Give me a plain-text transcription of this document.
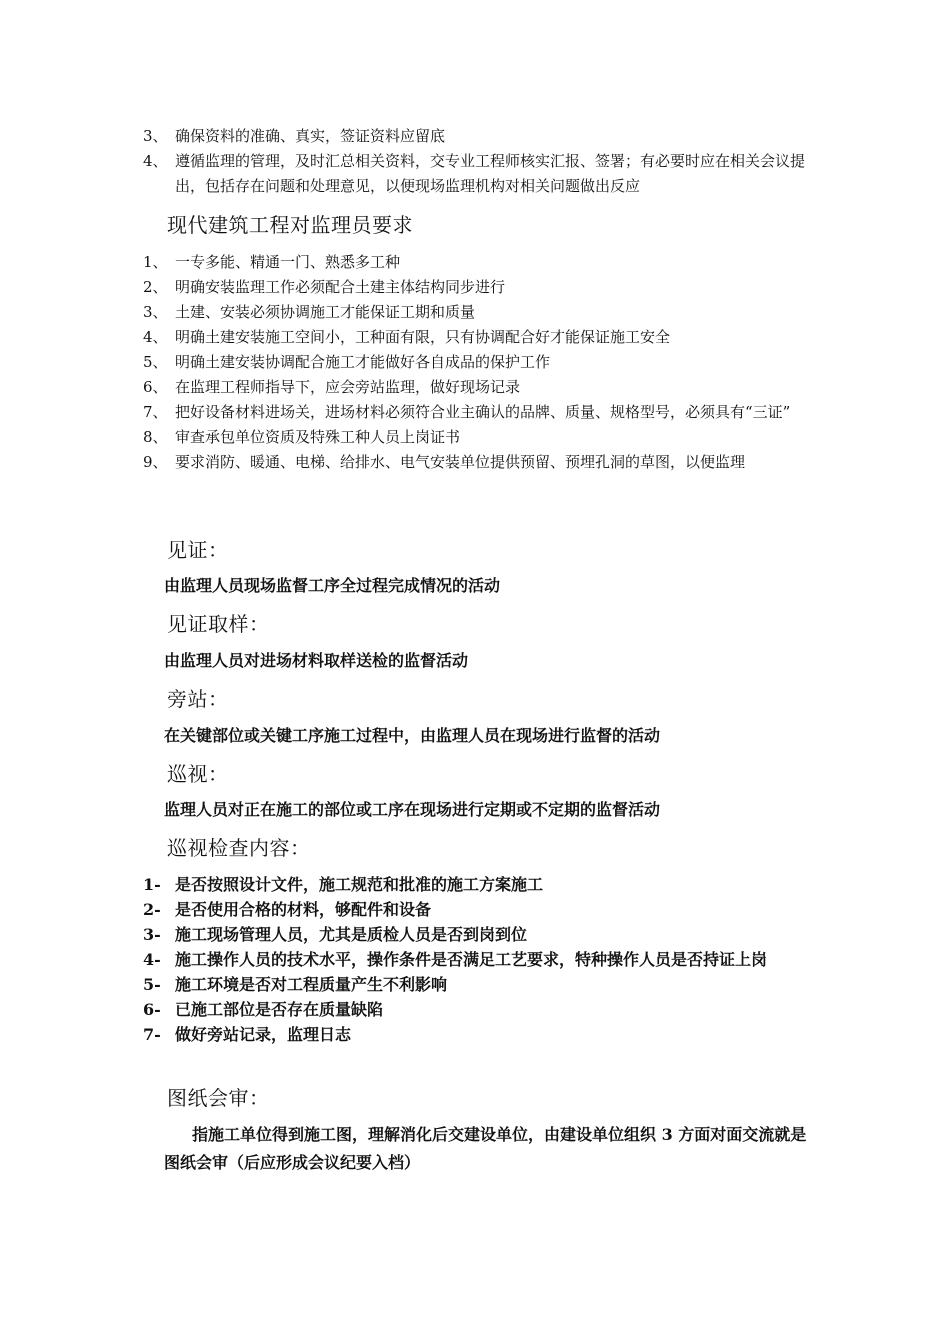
3、 确保资料的准确、真实，签证资料应留底
4、 遵循监理的管理，及时汇总相关资料，交专业工程师核实汇报、签署；有必要时应在相关会议提出，包括存在问题和处理意见，以便现场监理机构对相关问题做出反应
现代建筑工程对监理员要求
1、 一专多能、精通一门、熟悉多工种
2、 明确安装监理工作必须配合土建主体结构同步进行
3、 土建、安装必须协调施工才能保证工期和质量
4、 明确土建安装施工空间小，工种面有限，只有协调配合好才能保证施工安全
5、 明确土建安装协调配合施工才能做好各自成品的保护工作
6、 在监理工程师指导下，应会旁站监理，做好现场记录
7、 把好设备材料进场关，进场材料必须符合业主确认的品牌、质量、规格型号，必须具有“三证”
8、 审查承包单位资质及特殊工种人员上岗证书
9、 要求消防、暖通、电梯、给排水、电气安装单位提供预留、预埋孔洞的草图，以便监理
见证：
由监理人员现场监督工序全过程完成情况的活动
见证取样：
由监理人员对进场材料取样送检的监督活动
旁站：
在关键部位或关键工序施工过程中，由监理人员在现场进行监督的活动
巡视：
监理人员对正在施工的部位或工序在现场进行定期或不定期的监督活动
巡视检查内容：
1- 是否按照设计文件，施工规范和批准的施工方案施工
2- 是否使用合格的材料，够配件和设备
3- 施工现场管理人员，尤其是质检人员是否到岗到位
4- 施工操作人员的技术水平，操作条件是否满足工艺要求，特种操作人员是否持证上岗
5- 施工环境是否对工程质量产生不利影响
6- 已施工部位是否存在质量缺陷
7- 做好旁站记录，监理日志
图纸会审：
指施工单位得到施工图，理解消化后交建设单位，由建设单位组织 3 方面对面交流就是图纸会审（后应形成会议纪要入档）
